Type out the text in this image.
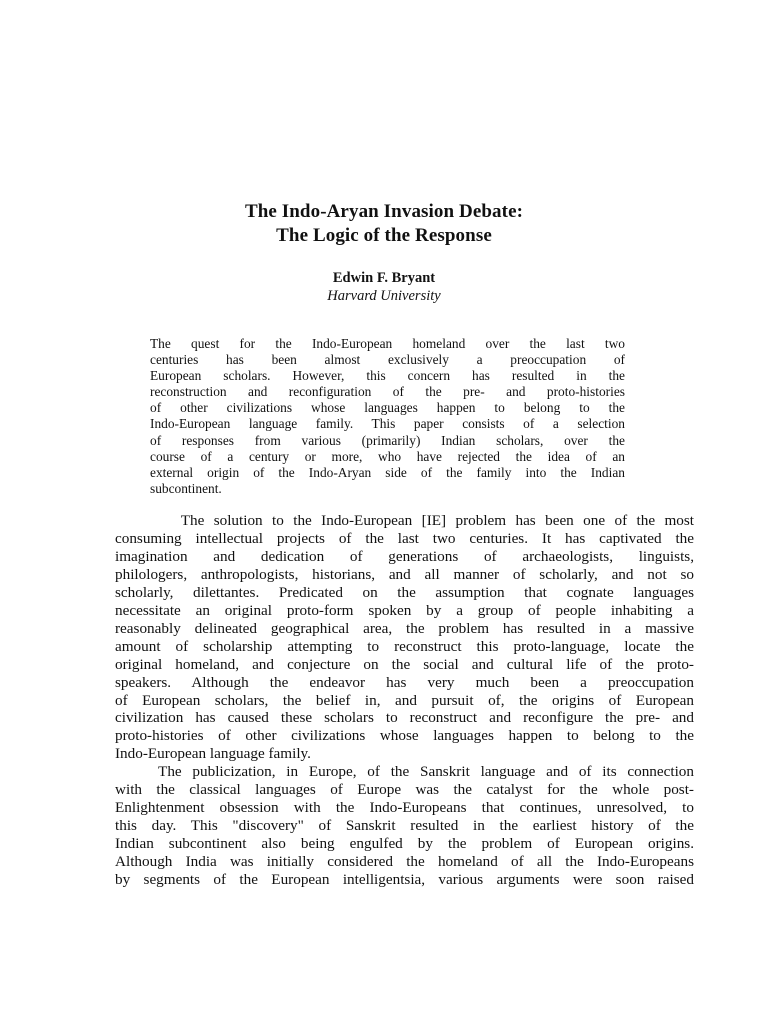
The Indo-Aryan Invasion Debate:
The Logic of the Response
Edwin F. Bryant
Harvard University
The quest for the Indo-European homeland over the last two
centuries has been almost exclusively a preoccupation of
European scholars. However, this concern has resulted in the
reconstruction and reconfiguration of the pre- and proto-histories
of other civilizations whose languages happen to belong to the
Indo-European language family. This paper consists of a selection
of responses from various (primarily) Indian scholars, over the
course of a century or more, who have rejected the idea of an
external origin of the Indo-Aryan side of the family into the Indian
subcontinent.
The solution to the Indo-European [IE] problem has been one of the most
consuming intellectual projects of the last two centuries. It has captivated the
imagination and dedication of generations of archaeologists, linguists,
philologers, anthropologists, historians, and all manner of scholarly, and not so
scholarly, dilettantes. Predicated on the assumption that cognate languages
necessitate an original proto-form spoken by a group of people inhabiting a
reasonably delineated geographical area, the problem has resulted in a massive
amount of scholarship attempting to reconstruct this proto-language, locate the
original homeland, and conjecture on the social and cultural life of the proto-
speakers. Although the endeavor has very much been a preoccupation
of European scholars, the belief in, and pursuit of, the origins of European
civilization has caused these scholars to reconstruct and reconfigure the pre- and
proto-histories of other civilizations whose languages happen to belong to the
Indo-European language family.
The publicization, in Europe, of the Sanskrit language and of its connection
with the classical languages of Europe was the catalyst for the whole post-
Enlightenment obsession with the Indo-Europeans that continues, unresolved, to
this day. This "discovery" of Sanskrit resulted in the earliest history of the
Indian subcontinent also being engulfed by the problem of European origins.
Although India was initially considered the homeland of all the Indo-Europeans
by segments of the European intelligentsia, various arguments were soon raised
